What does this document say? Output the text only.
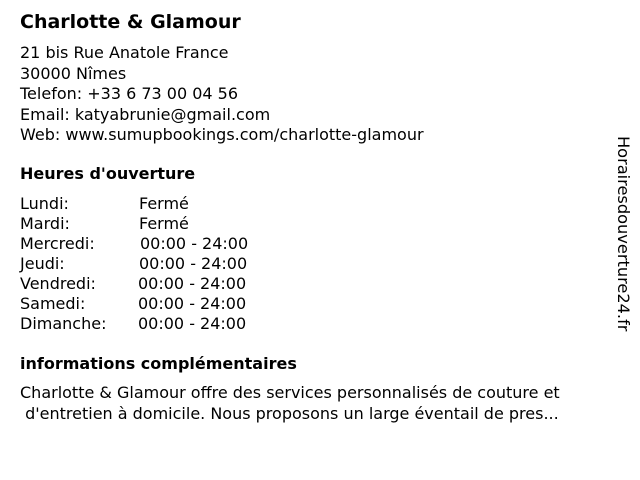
Charlotte & Glamour
21 bis Rue Anatole France
30000 Nîmes
Telefon: +33 6 73 00 04 56
Email: katyabrunie@gmail.com
Web: www.sumupbookings.com/charlotte-glamour
Heures d'ouverture
Lundi:	Fermé
Mardi:	Fermé
Mercredi:	00:00 - 24:00
Jeudi:	00:00 - 24:00
Vendredi:	00:00 - 24:00
Samedi:	00:00 - 24:00
Dimanche: 00:00 - 24:00
informations complémentaires
Charlotte & Glamour offre des services personnalisés de couture et
d'entretien à domicile. Nous proposons un large éventail de pres...
Horairesdouverture24.fr
